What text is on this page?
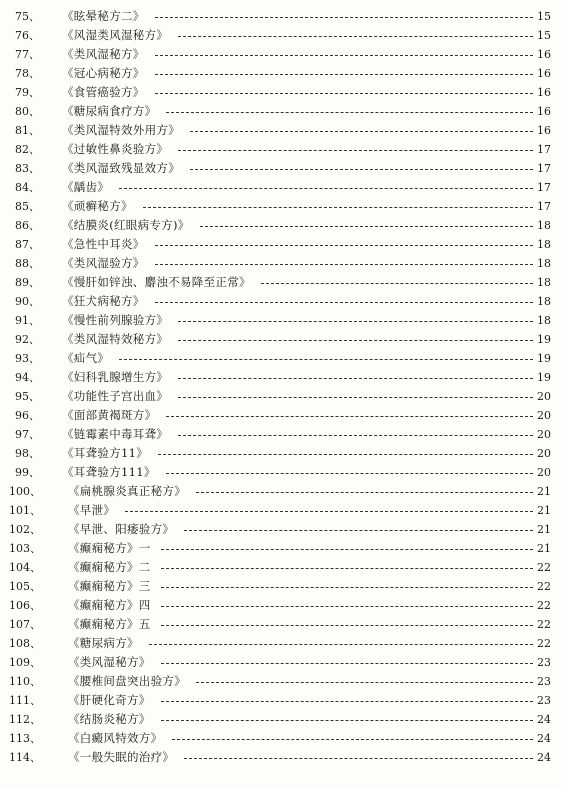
75、	《眩晕秘方二》	15
76、	《风湿类风湿秘方》	15
77、	《类风湿秘方》	16
78、	《冠心病秘方》	16
79、	《食管癌验方》	16
80、	《糖尿病食疗方》	16
81、	《类风湿特效外用方》	16
82、	《过敏性鼻炎验方》	17
83、	《类风湿致残显效方》	17
84、	《龋齿》	17
85、	《顽癣秘方》	17
86、	《结膜炎(红眼病专方)》	18
87、	《急性中耳炎》	18
88、	《类风湿验方》	18
89、	《慢肝如锌浊、麝浊不易降至正常》	18
90、	《狂犬病秘方》	18
91、	《慢性前列腺验方》	18
92、	《类风湿特效秘方》	19
93、	《疝气》	19
94、	《妇科乳腺增生方》	19
95、	《功能性子宫出血》	20
96、	《面部黄褐斑方》	20
97、	《链霉素中毒耳聋》	20
98、	《耳聋验方11》	20
99、	《耳聋验方111》	20
100、	《扁桃腺炎真正秘方》	21
101、	《早泄》	21
102、	《早泄、阳痿验方》	21
103、	《癫痫秘方》一	21
104、	《癫痫秘方》二	22
105、	《癫痫秘方》三	22
106、	《癫痫秘方》四	22
107、	《癫痫秘方》五	22
108、	《糖尿病方》	22
109、	《类风湿秘方》	23
110、	《腰椎间盘突出验方》	23
111、	《肝硬化奇方》	23
112、	《结肠炎秘方》	24
113、	《白癜风特效方》	24
114、	《一般失眠的治疗》	24
